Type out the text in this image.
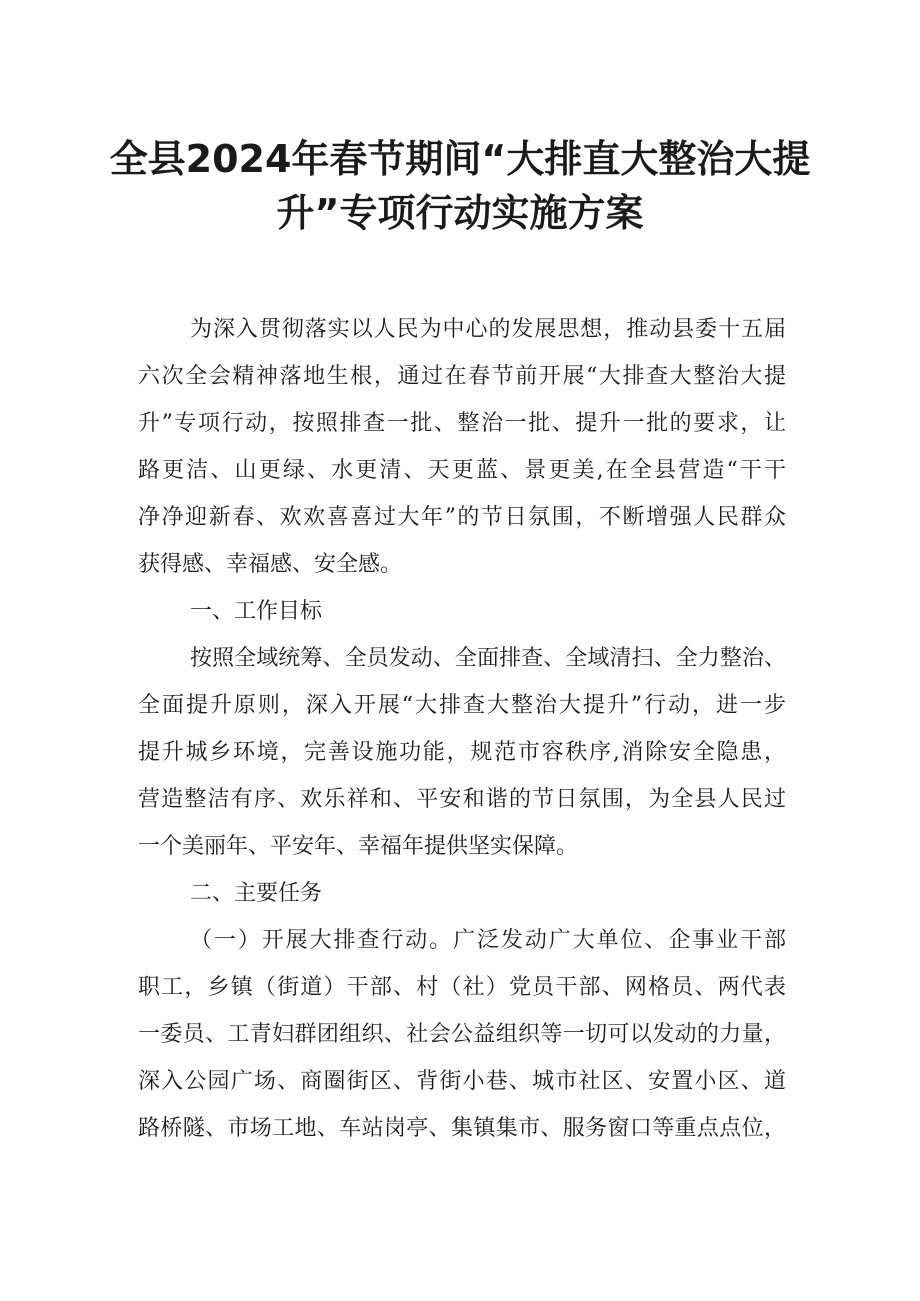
全县2024年春节期间“大排直大整治大提
升”专项行动实施方案
为深入贯彻落实以人民为中心的发展思想，推动县委十五届
六次全会精神落地生根，通过在春节前开展“大排查大整治大提
升”专项行动，按照排查一批、整治一批、提升一批的要求，让
路更洁、山更绿、水更清、天更蓝、景更美,在全县营造“干干
净净迎新春、欢欢喜喜过大年”的节日氛围，不断增强人民群众
获得感、幸福感、安全感。
一、工作目标
按照全域统筹、全员发动、全面排查、全域清扫、全力整治、
全面提升原则，深入开展“大排查大整治大提升”行动，进一步
提升城乡环境，完善设施功能，规范市容秩序,消除安全隐患，
营造整洁有序、欢乐祥和、平安和谐的节日氛围，为全县人民过
一个美丽年、平安年、幸福年提供坚实保障。
二、主要任务
（一）开展大排查行动。广泛发动广大单位、企事业干部
职工，乡镇（街道）干部、村（社）党员干部、网格员、两代表
一委员、工青妇群团组织、社会公益组织等一切可以发动的力量，
深入公园广场、商圈街区、背街小巷、城市社区、安置小区、道
路桥隧、市场工地、车站岗亭、集镇集市、服务窗口等重点点位，
